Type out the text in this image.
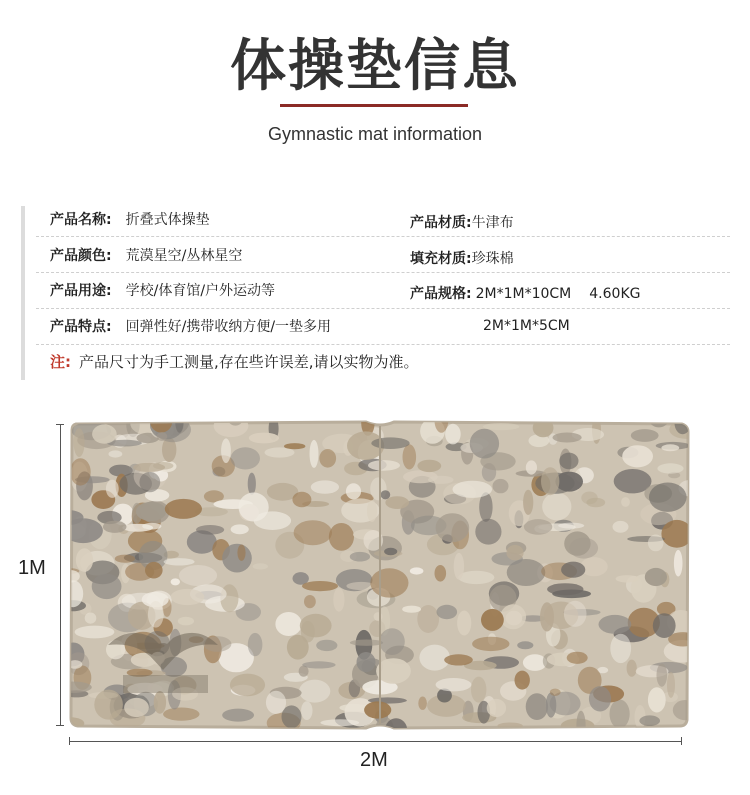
体操垫信息
Gymnastic mat information
产品名称: 折叠式体操垫	产品材质:牛津布
产品颜色: 荒漠星空/丛林星空	填充材质:珍珠棉
产品用途: 学校/体育馆/户外运动等	产品规格: 2M*1M*10CM 4.60KG
产品特点: 回弹性好/携带收纳方便/一垫多用	2M*1M*5CM
注: 产品尺寸为手工测量,存在些许误差,请以实物为准。
1M
2M
